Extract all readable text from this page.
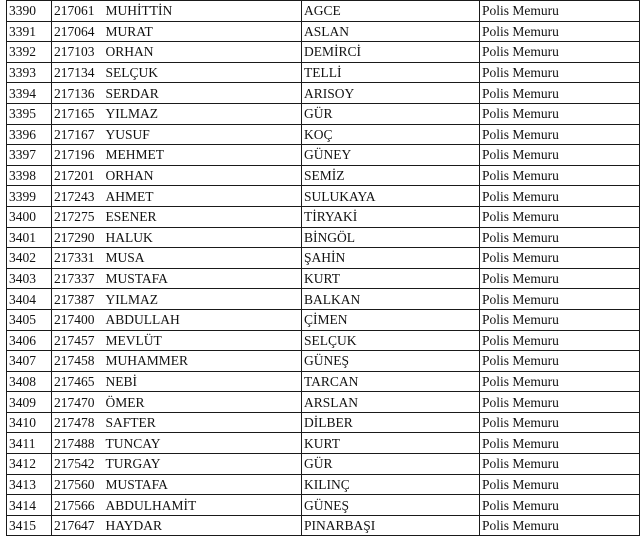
3390	217061	MUHİTTİN	AGCE	Polis Memuru
3391	217064	MURAT	ASLAN	Polis Memuru
3392	217103	ORHAN	DEMİRCİ	Polis Memuru
3393	217134	SELÇUK	TELLİ	Polis Memuru
3394	217136	SERDAR	ARISOY	Polis Memuru
3395	217165	YILMAZ	GÜR	Polis Memuru
3396	217167	YUSUF	KOÇ	Polis Memuru
3397	217196	MEHMET	GÜNEY	Polis Memuru
3398	217201	ORHAN	SEMİZ	Polis Memuru
3399	217243	AHMET	SULUKAYA	Polis Memuru
3400	217275	ESENER	TİRYAKİ	Polis Memuru
3401	217290	HALUK	BİNGÖL	Polis Memuru
3402	217331	MUSA	ŞAHİN	Polis Memuru
3403	217337	MUSTAFA	KURT	Polis Memuru
3404	217387	YILMAZ	BALKAN	Polis Memuru
3405	217400	ABDULLAH	ÇİMEN	Polis Memuru
3406	217457	MEVLÜT	SELÇUK	Polis Memuru
3407	217458	MUHAMMER	GÜNEŞ	Polis Memuru
3408	217465	NEBİ	TARCAN	Polis Memuru
3409	217470	ÖMER	ARSLAN	Polis Memuru
3410	217478	SAFTER	DİLBER	Polis Memuru
3411	217488	TUNCAY	KURT	Polis Memuru
3412	217542	TURGAY	GÜR	Polis Memuru
3413	217560	MUSTAFA	KILINÇ	Polis Memuru
3414	217566	ABDULHAMİT	GÜNEŞ	Polis Memuru
3415	217647	HAYDAR	PINARBAŞI	Polis Memuru
